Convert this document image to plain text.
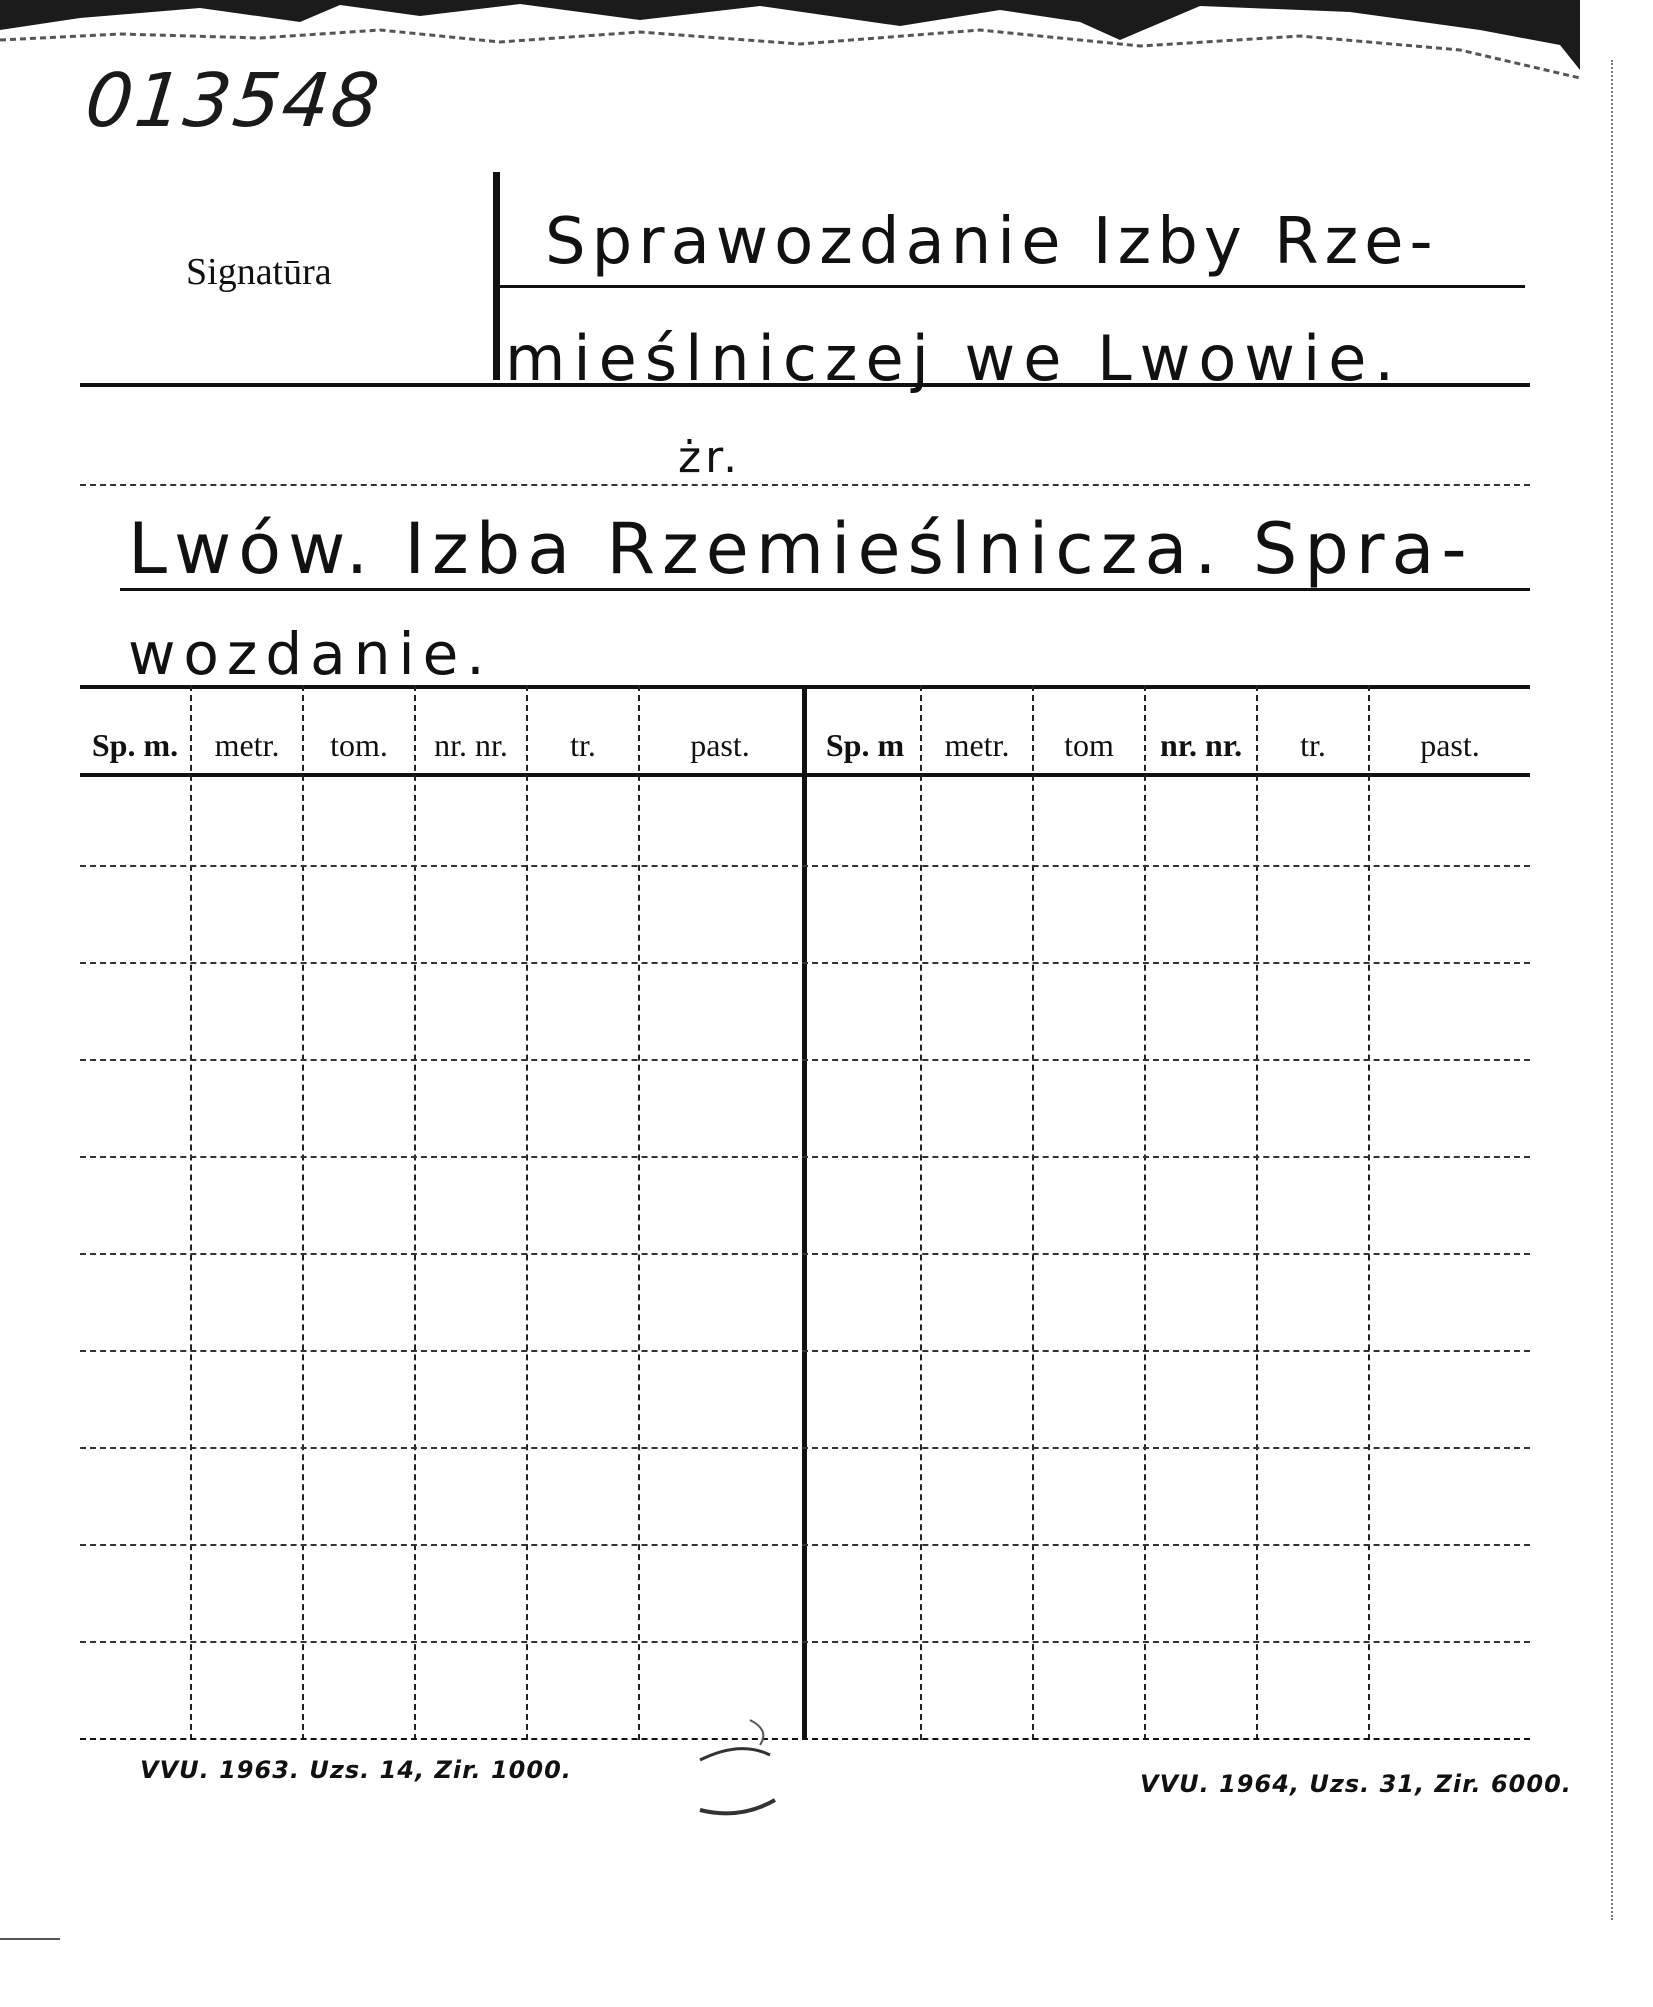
013548
Signatūra	Sprawozdanie Izby Rze-
mieślniczej we Lwowie.
żr.
Lwów. Izba Rzemieślnicza. Spra-
wozdanie.
Sp. m.	metr.	tom.	nr. nr.	tr.	past.	Sp. m	metr.	tom	nr. nr.	tr.	past.
VVU. 1963. Uzs. 14, Zir. 1000.	VVU. 1964, Uzs. 31, Zir. 6000.
